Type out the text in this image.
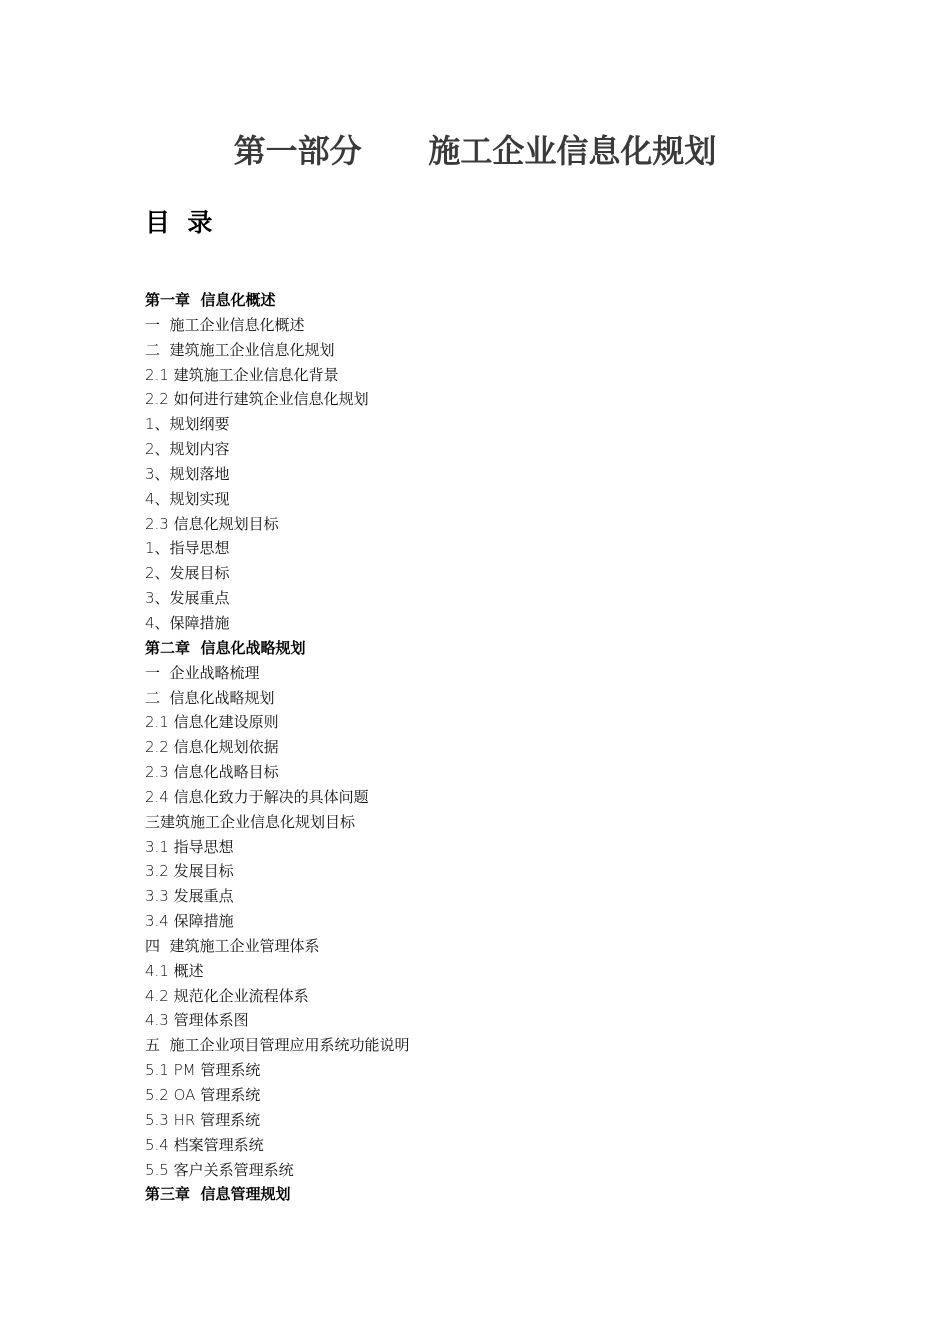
第一部分      施工企业信息化规划
目  录
第一章  信息化概述
一  施工企业信息化概述
二  建筑施工企业信息化规划
2.1 建筑施工企业信息化背景
2.2 如何进行建筑企业信息化规划
1、规划纲要
2、规划内容
3、规划落地
4、规划实现
2.3 信息化规划目标
1、指导思想
2、发展目标
3、发展重点
4、保障措施
第二章  信息化战略规划
一  企业战略梳理
二  信息化战略规划
2.1 信息化建设原则
2.2 信息化规划依据
2.3 信息化战略目标
2.4 信息化致力于解决的具体问题
三建筑施工企业信息化规划目标
3.1 指导思想
3.2 发展目标
3.3 发展重点
3.4 保障措施
四  建筑施工企业管理体系
4.1 概述
4.2 规范化企业流程体系
4.3 管理体系图
五  施工企业项目管理应用系统功能说明
5.1 PM 管理系统
5.2 OA 管理系统
5.3 HR 管理系统
5.4 档案管理系统
5.5 客户关系管理系统
第三章  信息管理规划
